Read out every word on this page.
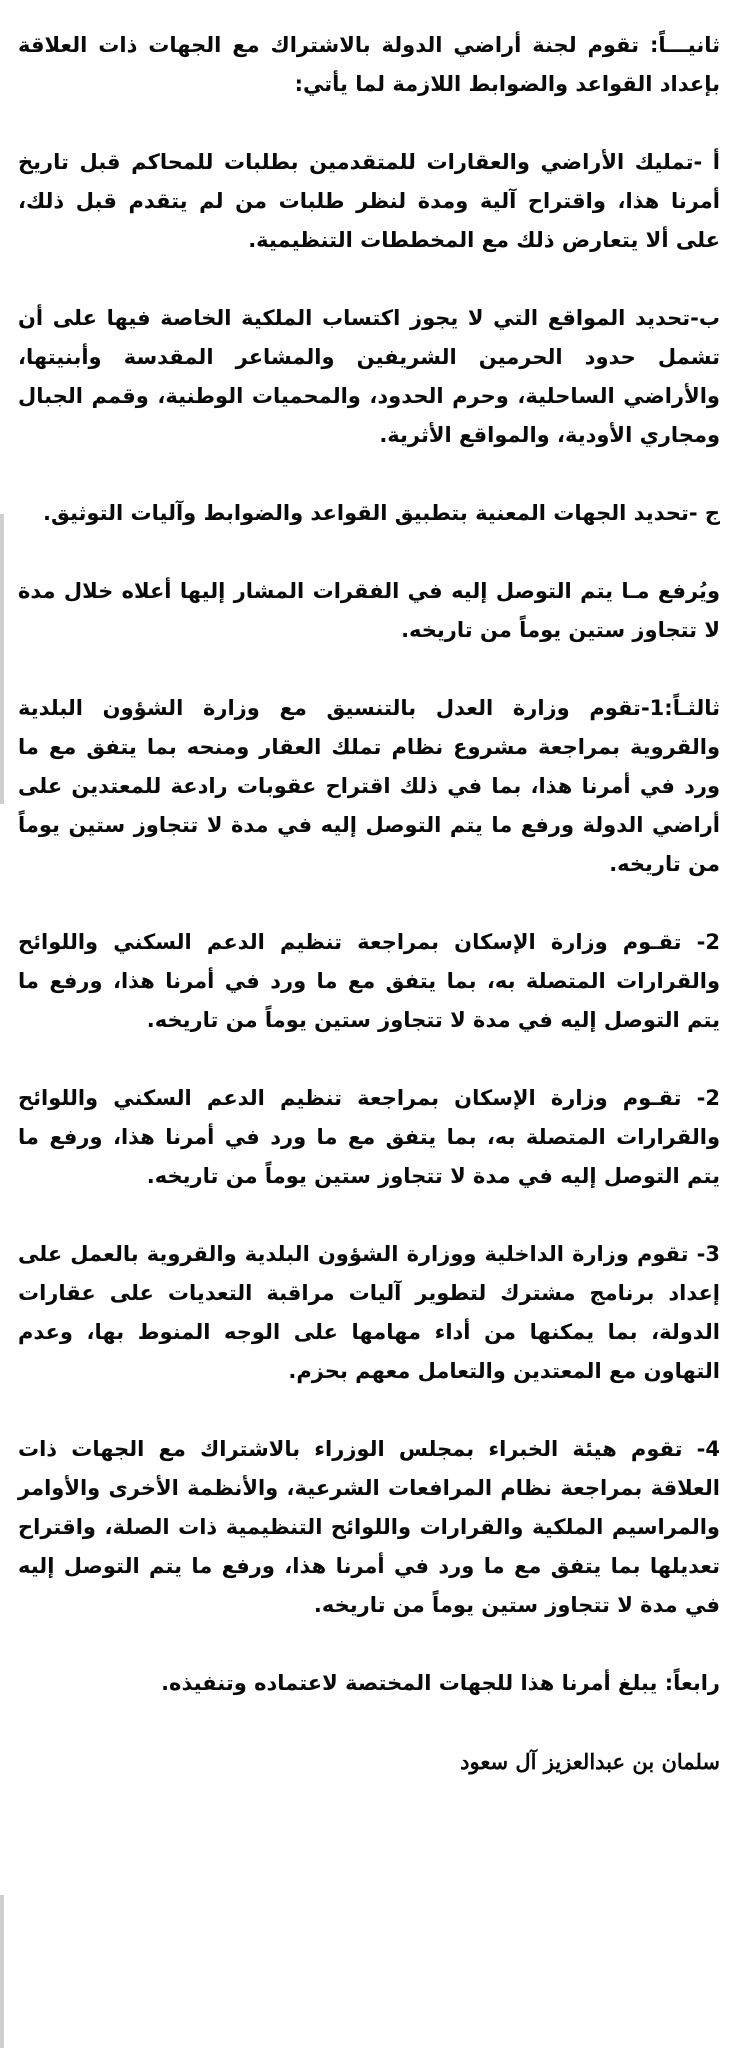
ثانيـــاً: تقوم لجنة أراضي الدولة بالاشتراك مع الجهات ذات العلاقة بإعداد القواعد والضوابط اللازمة لما يأتي:

أ -تمليك الأراضي والعقارات للمتقدمين بطلبات للمحاكم قبل تاريخ أمرنا هذا، واقتراح آلية ومدة لنظر طلبات من لم يتقدم قبل ذلك، على ألا يتعارض ذلك مع المخططات التنظيمية.

ب-تحديد المواقع التي لا يجوز اكتساب الملكية الخاصة فيها على أن تشمل حدود الحرمين الشريفين والمشاعر المقدسة وأبنيتها، والأراضي الساحلية، وحرم الحدود، والمحميات الوطنية، وقمم الجبال ومجاري الأودية، والمواقع الأثرية.

ج -تحديد الجهات المعنية بتطبيق القواعد والضوابط وآليات التوثيق.

ويُرفع مـا يتم التوصل إليه في الفقرات المشار إليها أعلاه خلال مدة لا تتجاوز ستين يوماً من تاريخه.

ثالثـاً:1-تقوم وزارة العدل بالتنسيق مع وزارة الشؤون البلدية والقروية بمراجعة مشروع نظام تملك العقار ومنحه بما يتفق مع ما ورد في أمرنا هذا، بما في ذلك اقتراح عقوبات رادعة للمعتدين على أراضي الدولة ورفع ما يتم التوصل إليه في مدة لا تتجاوز ستين يوماً من تاريخه.

2- تقـوم وزارة الإسكان بمراجعة تنظيم الدعم السكني واللوائح والقرارات المتصلة به، بما يتفق مع ما ورد في أمرنا هذا، ورفع ما يتم التوصل إليه في مدة لا تتجاوز ستين يوماً من تاريخه.

2- تقـوم وزارة الإسكان بمراجعة تنظيم الدعم السكني واللوائح والقرارات المتصلة به، بما يتفق مع ما ورد في أمرنا هذا، ورفع ما يتم التوصل إليه في مدة لا تتجاوز ستين يوماً من تاريخه.

3- تقوم وزارة الداخلية ووزارة الشؤون البلدية والقروية بالعمل على إعداد برنامج مشترك لتطوير آليات مراقبة التعديات على عقارات الدولة، بما يمكنها من أداء مهامها على الوجه المنوط بها، وعدم التهاون مع المعتدين والتعامل معهم بحزم.

4- تقوم هيئة الخبراء بمجلس الوزراء بالاشتراك مع الجهات ذات العلاقة بمراجعة نظام المرافعات الشرعية، والأنظمة الأخرى والأوامر والمراسيم الملكية والقرارات واللوائح التنظيمية ذات الصلة، واقتراح تعديلها بما يتفق مع ما ورد في أمرنا هذا، ورفع ما يتم التوصل إليه في مدة لا تتجاوز ستين يوماً من تاريخه.

رابعاً: يبلغ أمرنا هذا للجهات المختصة لاعتماده وتنفيذه.

سلمان بن عبدالعزيز آل سعود
